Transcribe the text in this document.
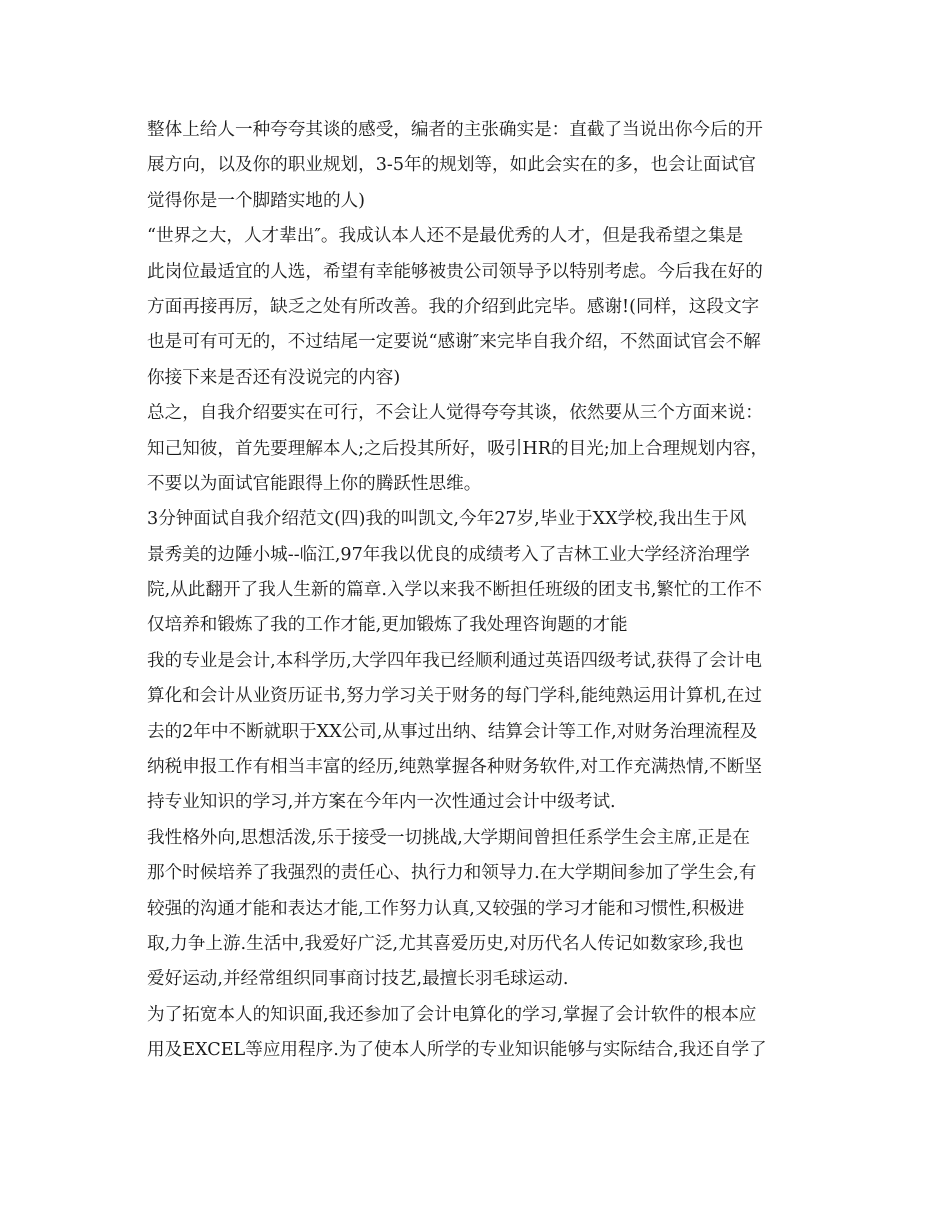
整体上给人一种夸夸其谈的感受，编者的主张确实是：直截了当说出你今后的开
展方向，以及你的职业规划，3-5年的规划等，如此会实在的多，也会让面试官
觉得你是一个脚踏实地的人)
“世界之大，人才辈出″。我成认本人还不是最优秀的人才，但是我希望之集是
此岗位最适宜的人选，希望有幸能够被贵公司领导予以特别考虑。今后我在好的
方面再接再厉，缺乏之处有所改善。我的介绍到此完毕。感谢!(同样，这段文字
也是可有可无的，不过结尾一定要说“感谢″来完毕自我介绍，不然面试官会不解
你接下来是否还有没说完的内容)
总之，自我介绍要实在可行，不会让人觉得夸夸其谈，依然要从三个方面来说：
知己知彼，首先要理解本人;之后投其所好，吸引HR的目光;加上合理规划内容，
不要以为面试官能跟得上你的腾跃性思维。
3分钟面试自我介绍范文(四)我的叫凯文,今年27岁,毕业于XX学校,我出生于风
景秀美的边陲小城--临江,97年我以优良的成绩考入了吉林工业大学经济治理学
院,从此翻开了我人生新的篇章.入学以来我不断担任班级的团支书,繁忙的工作不
仅培养和锻炼了我的工作才能,更加锻炼了我处理咨询题的才能
我的专业是会计,本科学历,大学四年我已经顺利通过英语四级考试,获得了会计电
算化和会计从业资历证书,努力学习关于财务的每门学科,能纯熟运用计算机,在过
去的2年中不断就职于XX公司,从事过出纳、结算会计等工作,对财务治理流程及
纳税申报工作有相当丰富的经历,纯熟掌握各种财务软件,对工作充满热情,不断坚
持专业知识的学习,并方案在今年内一次性通过会计中级考试.
我性格外向,思想活泼,乐于接受一切挑战,大学期间曾担任系学生会主席,正是在
那个时候培养了我强烈的责任心、执行力和领导力.在大学期间参加了学生会,有
较强的沟通才能和表达才能,工作努力认真,又较强的学习才能和习惯性,积极进
取,力争上游.生活中,我爱好广泛,尤其喜爱历史,对历代名人传记如数家珍,我也
爱好运动,并经常组织同事商讨技艺,最擅长羽毛球运动.
为了拓宽本人的知识面,我还参加了会计电算化的学习,掌握了会计软件的根本应
用及EXCEL等应用程序.为了使本人所学的专业知识能够与实际结合,我还自学了
